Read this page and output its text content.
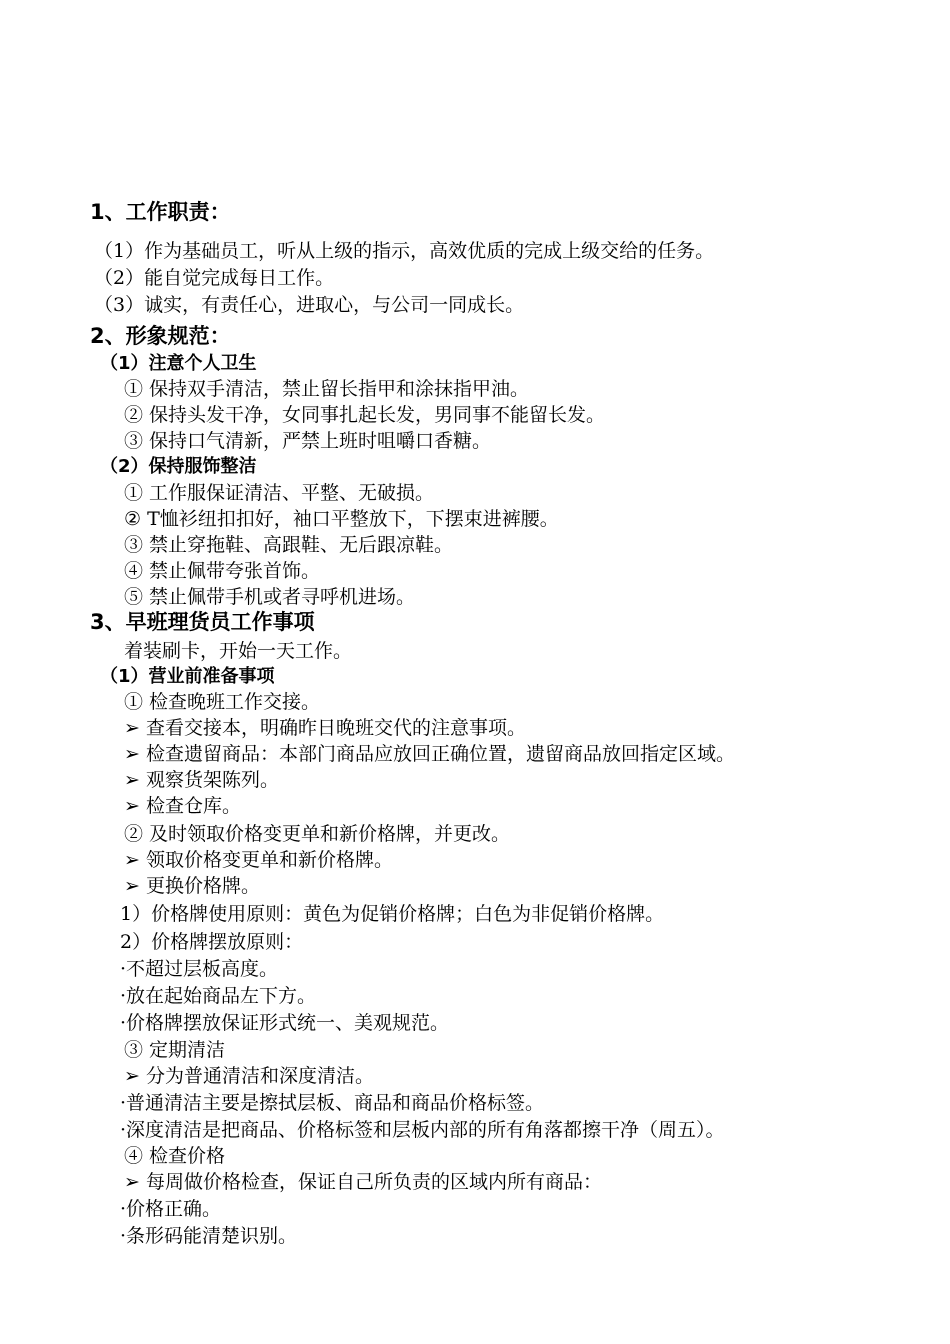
1、工作职责：
（1）作为基础员工，听从上级的指示，高效优质的完成上级交给的任务。
（2）能自觉完成每日工作。
（3）诚实，有责任心，进取心，与公司一同成长。
2、形象规范：
（1）注意个人卫生
① 保持双手清洁，禁止留长指甲和涂抹指甲油。
② 保持头发干净，女同事扎起长发，男同事不能留长发。
③ 保持口气清新，严禁上班时咀嚼口香糖。
（2）保持服饰整洁
① 工作服保证清洁、平整、无破损。
② T恤衫纽扣扣好，袖口平整放下，下摆束进裤腰。
③ 禁止穿拖鞋、高跟鞋、无后跟凉鞋。
④ 禁止佩带夸张首饰。
⑤ 禁止佩带手机或者寻呼机进场。
3、早班理货员工作事项
着装刷卡，开始一天工作。
（1）营业前准备事项
① 检查晚班工作交接。
➢ 查看交接本，明确昨日晚班交代的注意事项。
➢ 检查遗留商品：本部门商品应放回正确位置，遗留商品放回指定区域。
➢ 观察货架陈列。
➢ 检查仓库。
② 及时领取价格变更单和新价格牌，并更改。
➢ 领取价格变更单和新价格牌。
➢ 更换价格牌。
1）价格牌使用原则：黄色为促销价格牌；白色为非促销价格牌。
2）价格牌摆放原则：
·不超过层板高度。
·放在起始商品左下方。
·价格牌摆放保证形式统一、美观规范。
③ 定期清洁
➢ 分为普通清洁和深度清洁。
·普通清洁主要是擦拭层板、商品和商品价格标签。
·深度清洁是把商品、价格标签和层板内部的所有角落都擦干净（周五）。
④ 检查价格
➢ 每周做价格检查，保证自己所负责的区域内所有商品：
·价格正确。
·条形码能清楚识别。
